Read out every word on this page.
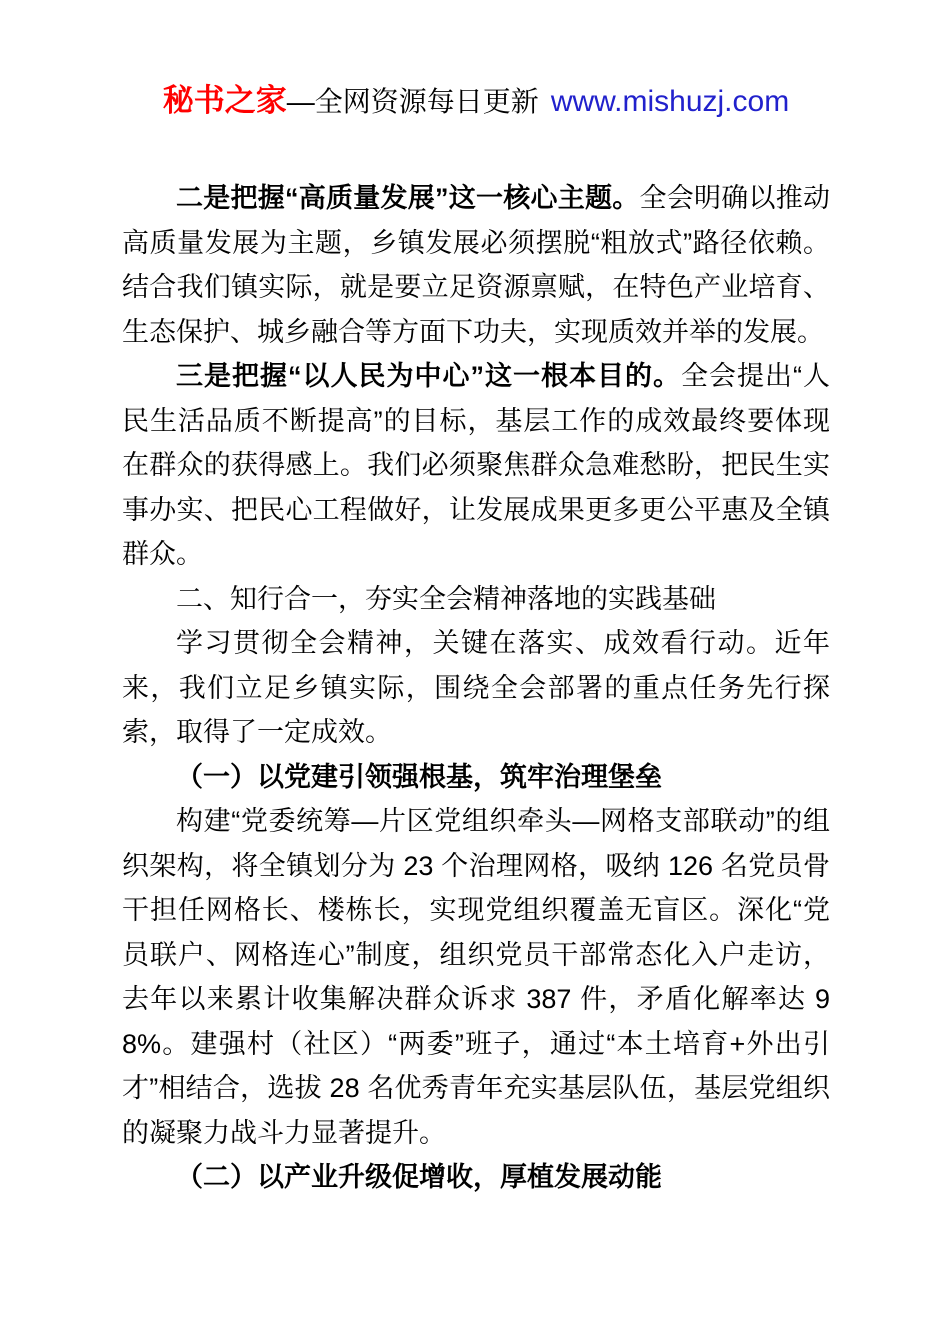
秘书之家—全网资源每日更新 www.mishuzj.com

二是把握“高质量发展”这一核心主题。全会明确以推动高质量发展为主题，乡镇发展必须摆脱“粗放式”路径依赖。结合我们镇实际，就是要立足资源禀赋，在特色产业培育、生态保护、城乡融合等方面下功夫，实现质效并举的发展。

三是把握“以人民为中心”这一根本目的。全会提出“人民生活品质不断提高”的目标，基层工作的成效最终要体现在群众的获得感上。我们必须聚焦群众急难愁盼，把民生实事办实、把民心工程做好，让发展成果更多更公平惠及全镇群众。

二、知行合一，夯实全会精神落地的实践基础

学习贯彻全会精神，关键在落实、成效看行动。近年来，我们立足乡镇实际，围绕全会部署的重点任务先行探索，取得了一定成效。

（一）以党建引领强根基，筑牢治理堡垒

构建“党委统筹—片区党组织牵头—网格支部联动”的组织架构，将全镇划分为 23 个治理网格，吸纳 126 名党员骨干担任网格长、楼栋长，实现党组织覆盖无盲区。深化“党员联户、网格连心”制度，组织党员干部常态化入户走访，去年以来累计收集解决群众诉求 387 件，矛盾化解率达 98%。建强村（社区）“两委”班子，通过“本土培育+外出引才”相结合，选拔 28 名优秀青年充实基层队伍，基层党组织的凝聚力战斗力显著提升。

（二）以产业升级促增收，厚植发展动能
